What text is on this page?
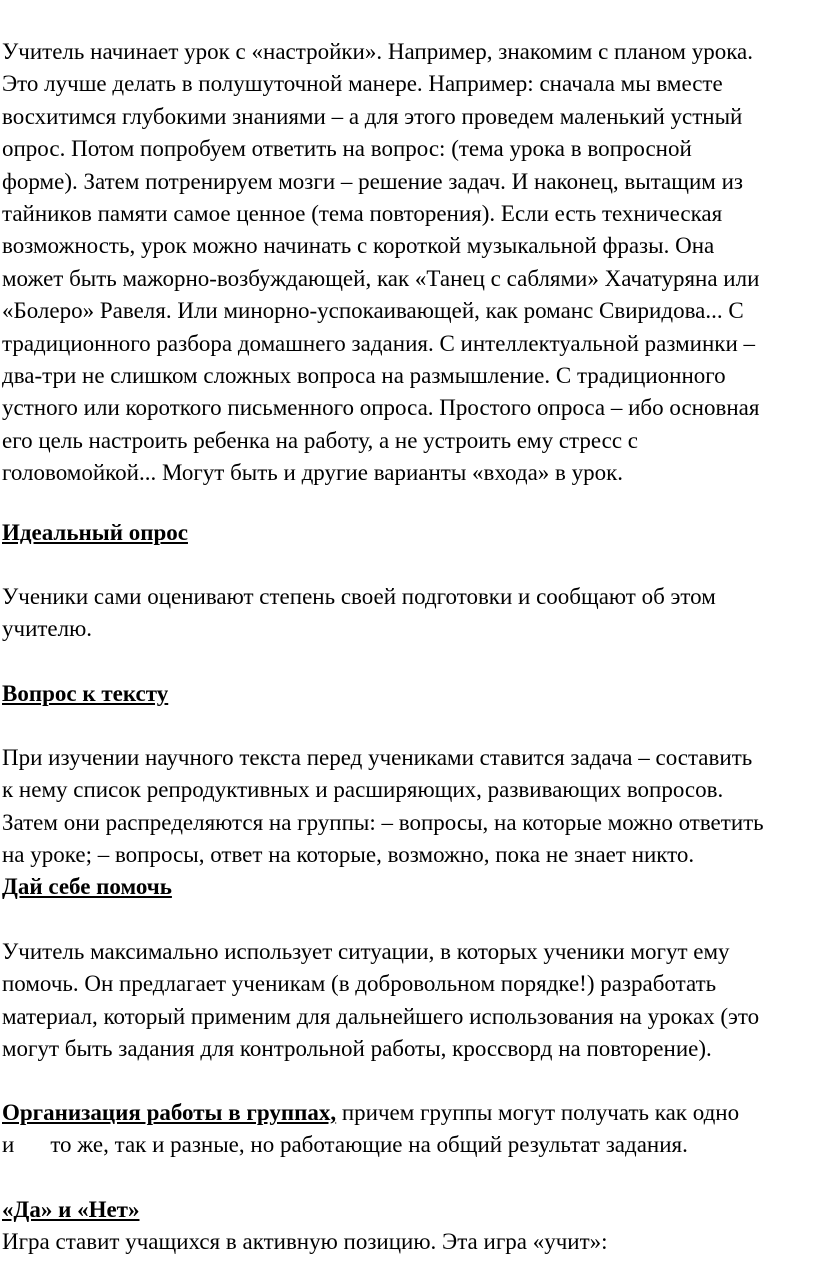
Учитель начинает урок с «настройки». Например, знакомим с планом урока.
Это лучше делать в полушуточной манере. Например: сначала мы вместе
восхитимся глубокими знаниями – а для этого проведем маленький устный
опрос. Потом попробуем ответить на вопрос: (тема урока в вопросной
форме). Затем потренируем мозги – решение задач. И наконец, вытащим из
тайников памяти самое ценное (тема повторения). Если есть техническая
возможность, урок можно начинать с короткой музыкальной фразы. Она
может быть мажорно-возбуждающей, как «Танец с саблями» Хачатуряна или
«Болеро» Равеля. Или минорно-успокаивающей, как романс Свиридова... С
традиционного разбора домашнего задания. С интеллектуальной разминки –
два-три не слишком сложных вопроса на размышление. С традиционного
устного или короткого письменного опроса. Простого опроса – ибо основная
его цель настроить ребенка на работу, а не устроить ему стресс с
головомойкой... Могут быть и другие варианты «входа» в урок.
Идеальный опрос
Ученики сами оценивают степень своей подготовки и сообщают об этом
учителю.
Вопрос к тексту
При изучении научного текста перед учениками ставится задача – составить
к нему список репродуктивных и расширяющих, развивающих вопросов.
Затем они распределяются на группы: – вопросы, на которые можно ответить
на уроке; – вопросы, ответ на которые, возможно, пока не знает никто.
Дай себе помочь
Учитель максимально использует ситуации, в которых ученики могут ему
помочь. Он предлагает ученикам (в добровольном порядке!) разработать
материал, который применим для дальнейшего использования на уроках (это
могут быть задания для контрольной работы, кроссворд на повторение).
Организация работы в группах, причем группы могут получать как одно
и то же, так и разные, но работающие на общий результат задания.
«Да» и «Нет»
Игра ставит учащихся в активную позицию. Эта игра «учит»:
